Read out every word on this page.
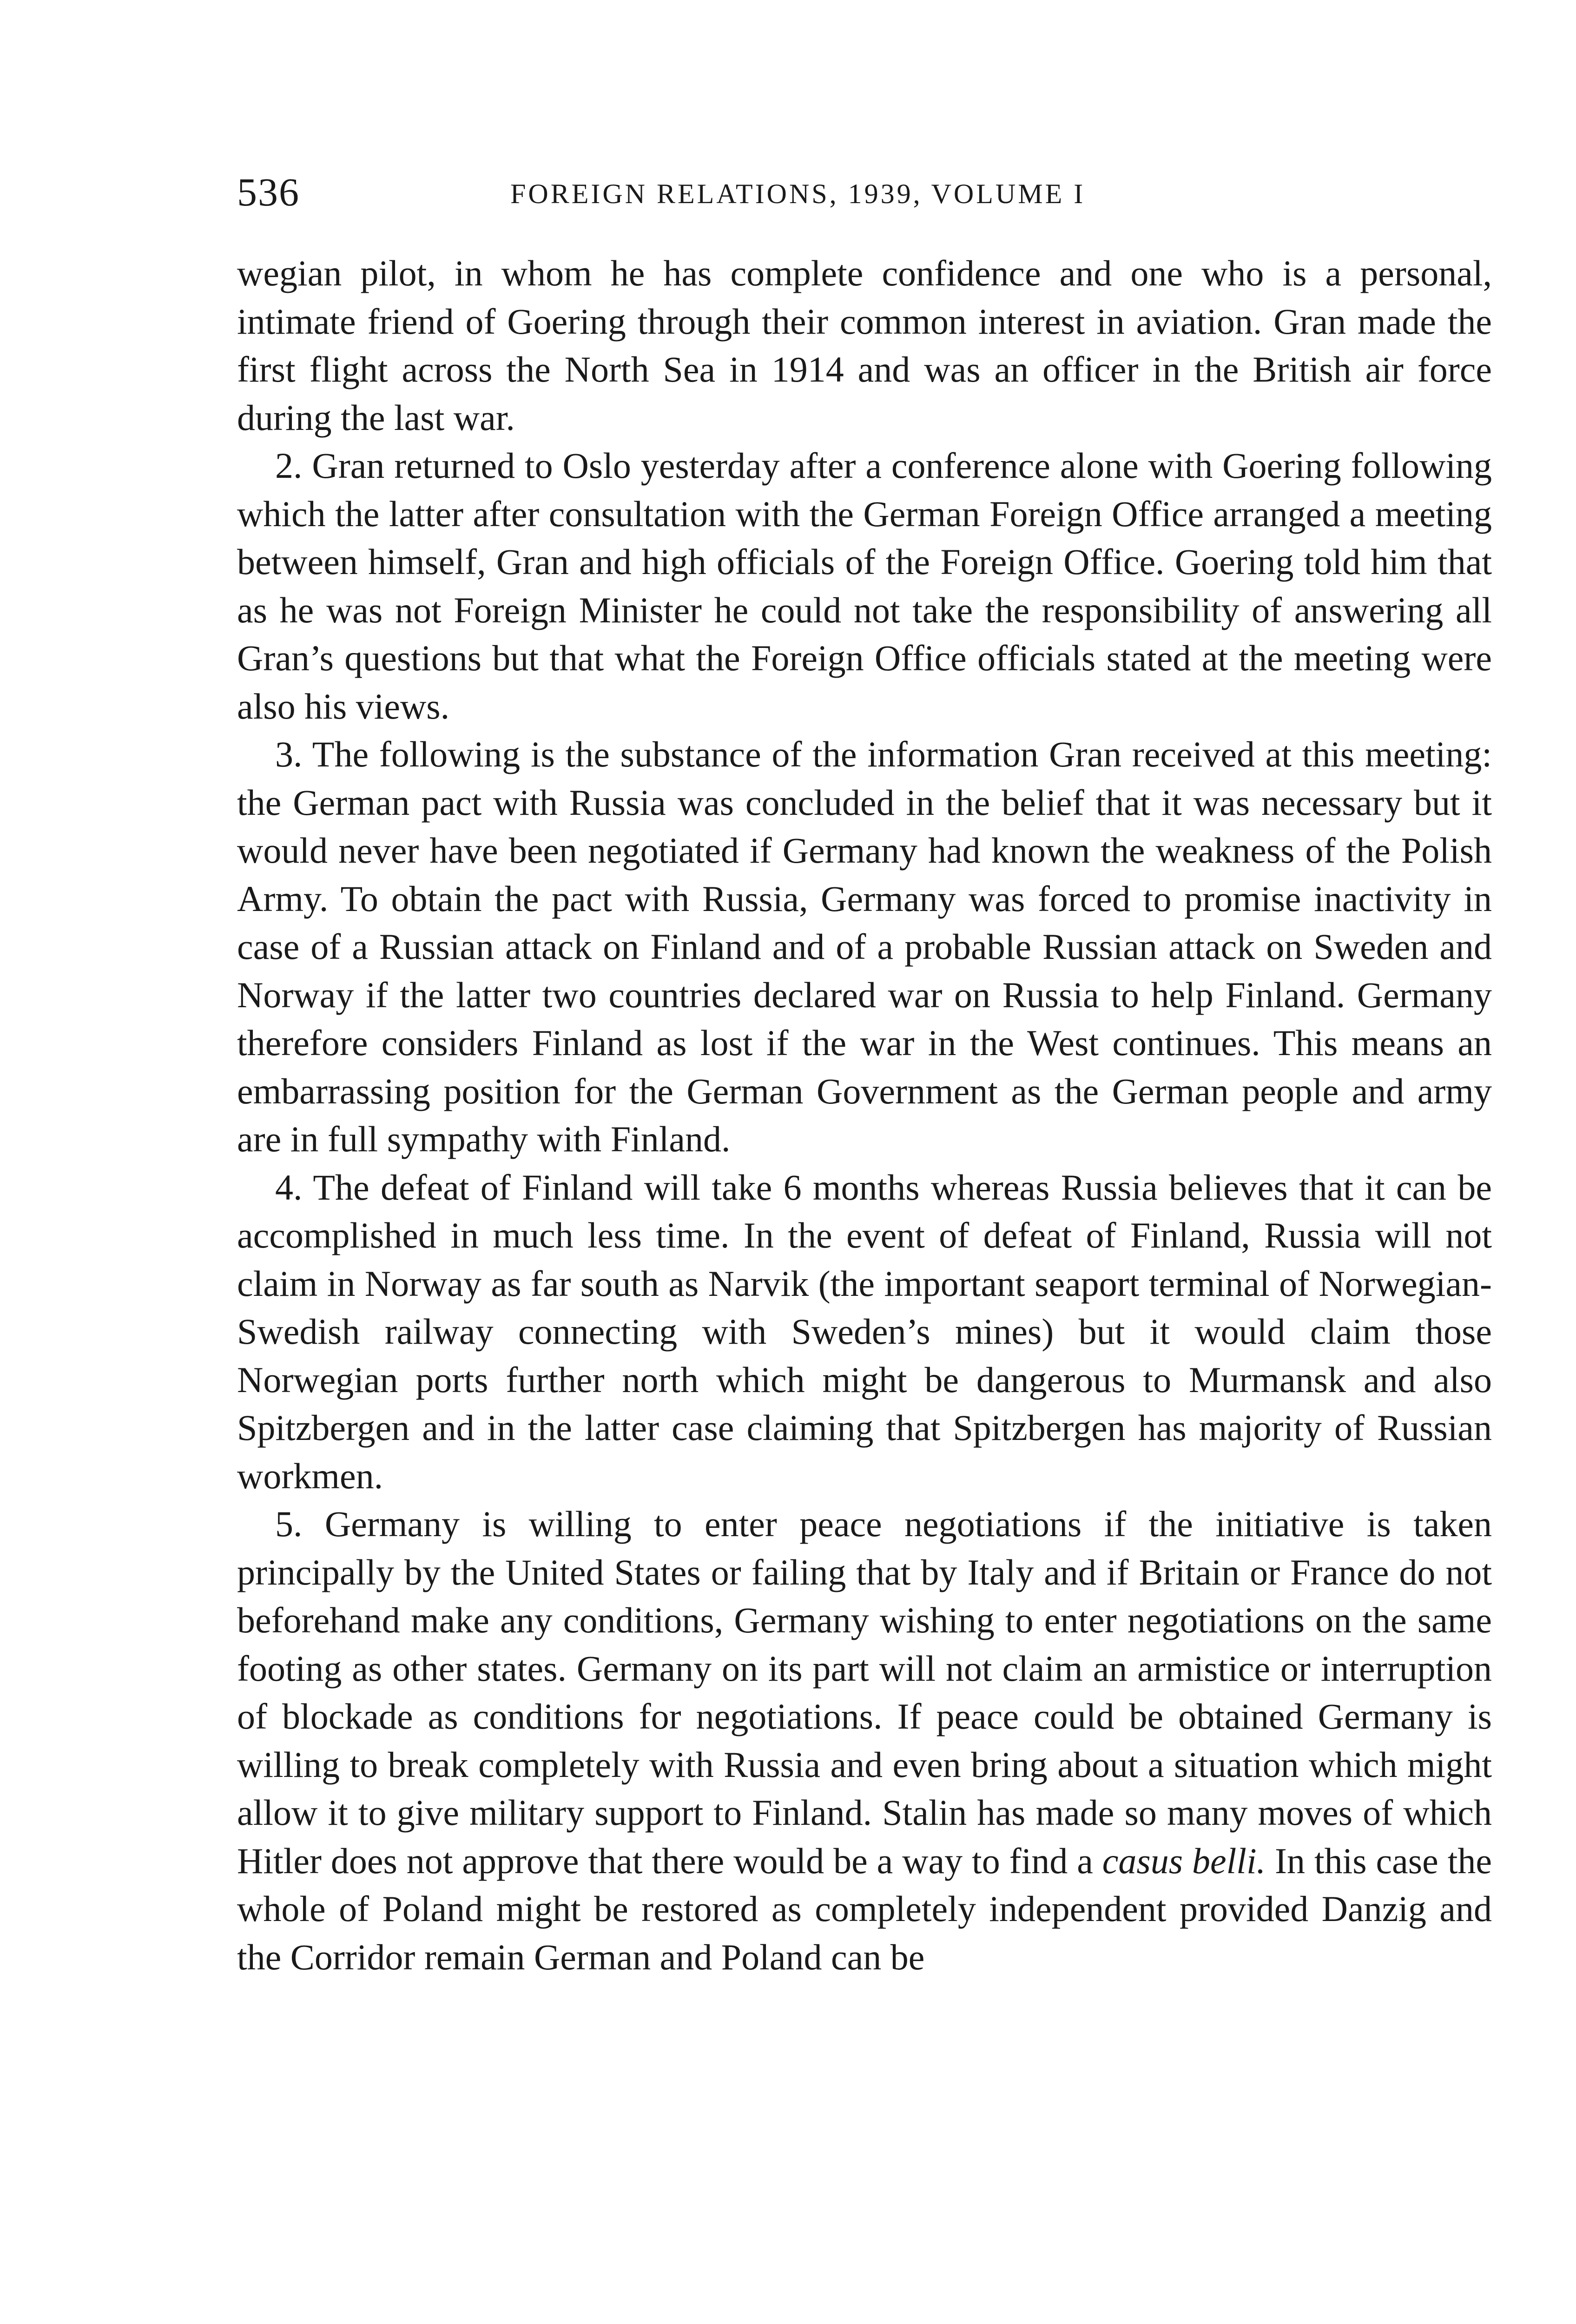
536	FOREIGN RELATIONS, 1939, VOLUME I

wegian pilot, in whom he has complete confidence and one who is a personal, intimate friend of Goering through their common interest in aviation. Gran made the first flight across the North Sea in 1914 and was an officer in the British air force during the last war.

2. Gran returned to Oslo yesterday after a conference alone with Goering following which the latter after consultation with the German Foreign Office arranged a meeting between himself, Gran and high officials of the Foreign Office. Goering told him that as he was not Foreign Minister he could not take the responsibility of answering all Gran’s questions but that what the Foreign Office officials stated at the meeting were also his views.

3. The following is the substance of the information Gran received at this meeting: the German pact with Russia was concluded in the belief that it was necessary but it would never have been negotiated if Germany had known the weakness of the Polish Army. To obtain the pact with Russia, Germany was forced to promise inactivity in case of a Russian attack on Finland and of a probable Russian attack on Sweden and Norway if the latter two countries declared war on Russia to help Finland. Germany therefore considers Finland as lost if the war in the West continues. This means an embarrassing position for the German Government as the German people and army are in full sympathy with Finland.

4. The defeat of Finland will take 6 months whereas Russia believes that it can be accomplished in much less time. In the event of defeat of Finland, Russia will not claim in Norway as far south as Narvik (the important seaport terminal of Norwegian-Swedish railway connecting with Sweden’s mines) but it would claim those Norwegian ports further north which might be dangerous to Murmansk and also Spitzbergen and in the latter case claiming that Spitzbergen has majority of Russian workmen.

5. Germany is willing to enter peace negotiations if the initiative is taken principally by the United States or failing that by Italy and if Britain or France do not beforehand make any conditions, Germany wishing to enter negotiations on the same footing as other states. Germany on its part will not claim an armistice or interruption of blockade as conditions for negotiations. If peace could be obtained Germany is willing to break completely with Russia and even bring about a situation which might allow it to give military support to Finland. Stalin has made so many moves of which Hitler does not approve that there would be a way to find a casus belli. In this case the whole of Poland might be restored as completely independent provided Danzig and the Corridor remain German and Poland can be
